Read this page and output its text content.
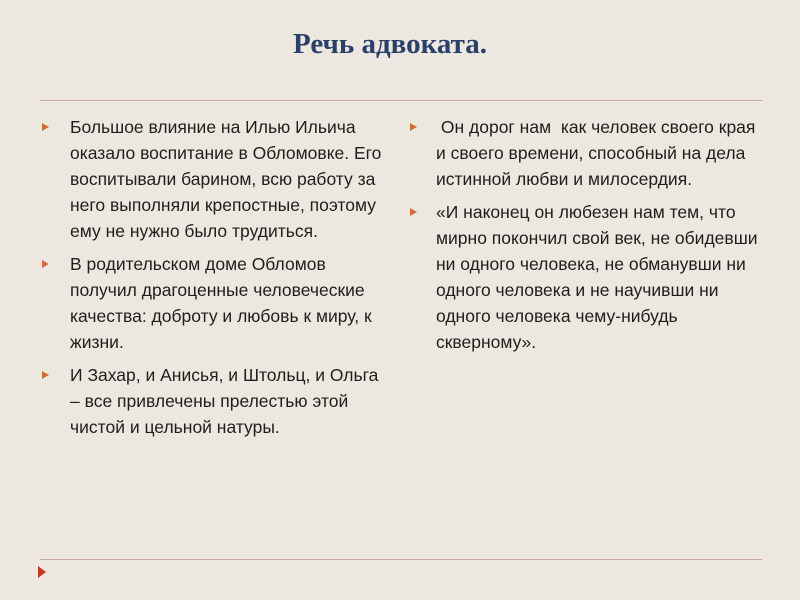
Речь адвоката.
Большое влияние на Илью Ильича оказало воспитание в Обломовке. Его воспитывали барином, всю работу за него выполняли крепостные, поэтому ему не нужно было трудиться.
В родительском доме Обломов получил драгоценные человеческие качества: доброту и любовь к миру, к жизни.
И Захар, и Анисья, и Штольц, и Ольга – все привлечены прелестью этой чистой и цельной натуры.
Он дорог нам  как человек своего края и своего времени, способный на дела истинной любви и милосердия.
«И наконец он любезен нам тем, что мирно покончил свой век, не обидевши ни одного человека, не обманувши ни одного человека и не научивши ни одного человека чему-нибудь скверному».
